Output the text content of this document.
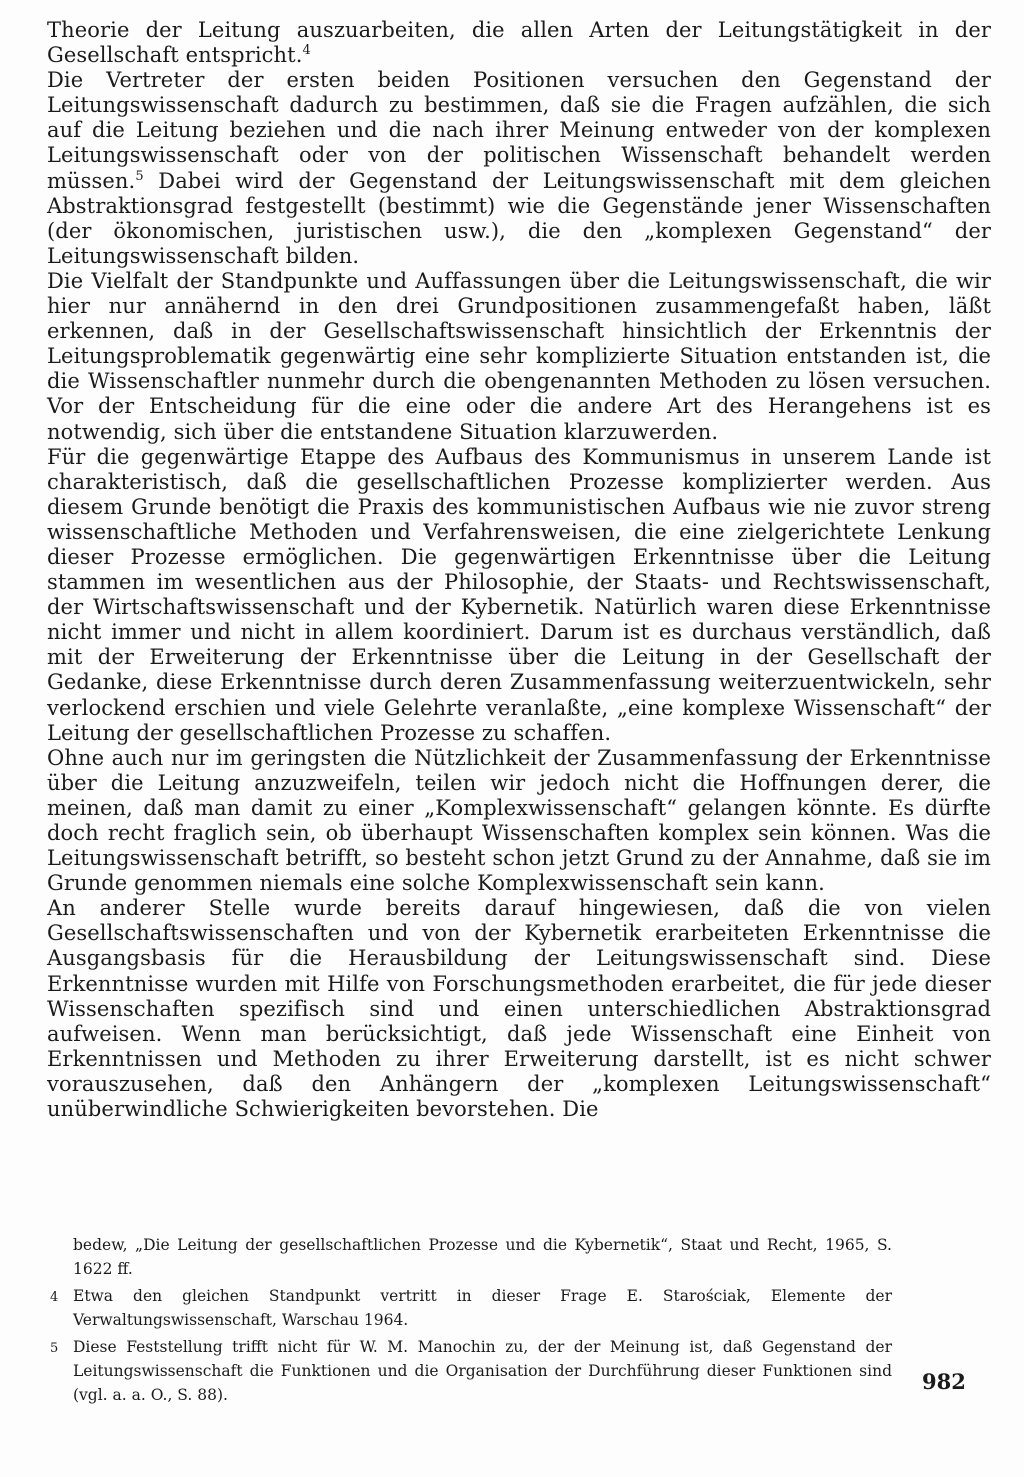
Theorie der Leitung auszuarbeiten, die allen Arten der Leitungstätigkeit in der Gesellschaft entspricht.$^4$

Die Vertreter der ersten beiden Positionen versuchen den Gegenstand der Leitungswissenschaft dadurch zu bestimmen, daß sie die Fragen aufzählen, die sich auf die Leitung beziehen und die nach ihrer Meinung entweder von der komplexen Leitungswissenschaft oder von der politischen Wissenschaft behandelt werden müssen.$^5$ Dabei wird der Gegenstand der Leitungswissenschaft mit dem gleichen Abstraktionsgrad festgestellt (bestimmt) wie die Gegenstände jener Wissenschaften (der ökonomischen, juristischen usw.), die den „komplexen Gegenstand“ der Leitungswissenschaft bilden.

Die Vielfalt der Standpunkte und Auffassungen über die Leitungswissenschaft, die wir hier nur annähernd in den drei Grundpositionen zusammengefaßt haben, läßt erkennen, daß in der Gesellschaftswissenschaft hinsichtlich der Erkenntnis der Leitungsproblematik gegenwärtig eine sehr komplizierte Situation entstanden ist, die die Wissenschaftler nunmehr durch die obengenannten Methoden zu lösen versuchen. Vor der Entscheidung für die eine oder die andere Art des Herangehens ist es notwendig, sich über die entstandene Situation klarzuwerden.

Für die gegenwärtige Etappe des Aufbaus des Kommunismus in unserem Lande ist charakteristisch, daß die gesellschaftlichen Prozesse komplizierter werden. Aus diesem Grunde benötigt die Praxis des kommunistischen Aufbaus wie nie zuvor streng wissenschaftliche Methoden und Verfahrensweisen, die eine zielgerichtete Lenkung dieser Prozesse ermöglichen. Die gegenwärtigen Erkenntnisse über die Leitung stammen im wesentlichen aus der Philosophie, der Staats- und Rechtswissenschaft, der Wirtschaftswissenschaft und der Kybernetik. Natürlich waren diese Erkenntnisse nicht immer und nicht in allem koordiniert. Darum ist es durchaus verständlich, daß mit der Erweiterung der Erkenntnisse über die Leitung in der Gesellschaft der Gedanke, diese Erkenntnisse durch deren Zusammenfassung weiterzuentwickeln, sehr verlockend erschien und viele Gelehrte veranlaßte, „eine komplexe Wissenschaft“ der Leitung der gesellschaftlichen Prozesse zu schaffen.

Ohne auch nur im geringsten die Nützlichkeit der Zusammenfassung der Erkenntnisse über die Leitung anzuzweifeln, teilen wir jedoch nicht die Hoffnungen derer, die meinen, daß man damit zu einer „Komplexwissenschaft“ gelangen könnte. Es dürfte doch recht fraglich sein, ob überhaupt Wissenschaften komplex sein können. Was die Leitungswissenschaft betrifft, so besteht schon jetzt Grund zu der Annahme, daß sie im Grunde genommen niemals eine solche Komplexwissenschaft sein kann.

An anderer Stelle wurde bereits darauf hingewiesen, daß die von vielen Gesellschaftswissenschaften und von der Kybernetik erarbeiteten Erkenntnisse die Ausgangsbasis für die Herausbildung der Leitungswissenschaft sind. Diese Erkenntnisse wurden mit Hilfe von Forschungsmethoden erarbeitet, die für jede dieser Wissenschaften spezifisch sind und einen unterschiedlichen Abstraktionsgrad aufweisen. Wenn man berücksichtigt, daß jede Wissenschaft eine Einheit von Erkenntnissen und Methoden zu ihrer Erweiterung darstellt, ist es nicht schwer vorauszusehen, daß den Anhängern der „komplexen Leitungswissenschaft“ unüberwindliche Schwierigkeiten bevorstehen. Die

bedew, „Die Leitung der gesellschaftlichen Prozesse und die Kybernetik“, Staat und Recht, 1965, S. 1622 ff.

4 Etwa den gleichen Standpunkt vertritt in dieser Frage E. Starościak, Elemente der Verwaltungswissenschaft, Warschau 1964.

5 Diese Feststellung trifft nicht für W. M. Manochin zu, der der Meinung ist, daß Gegenstand der Leitungswissenschaft die Funktionen und die Organisation der Durchführung dieser Funktionen sind (vgl. a. a. O., S. 88).

982
